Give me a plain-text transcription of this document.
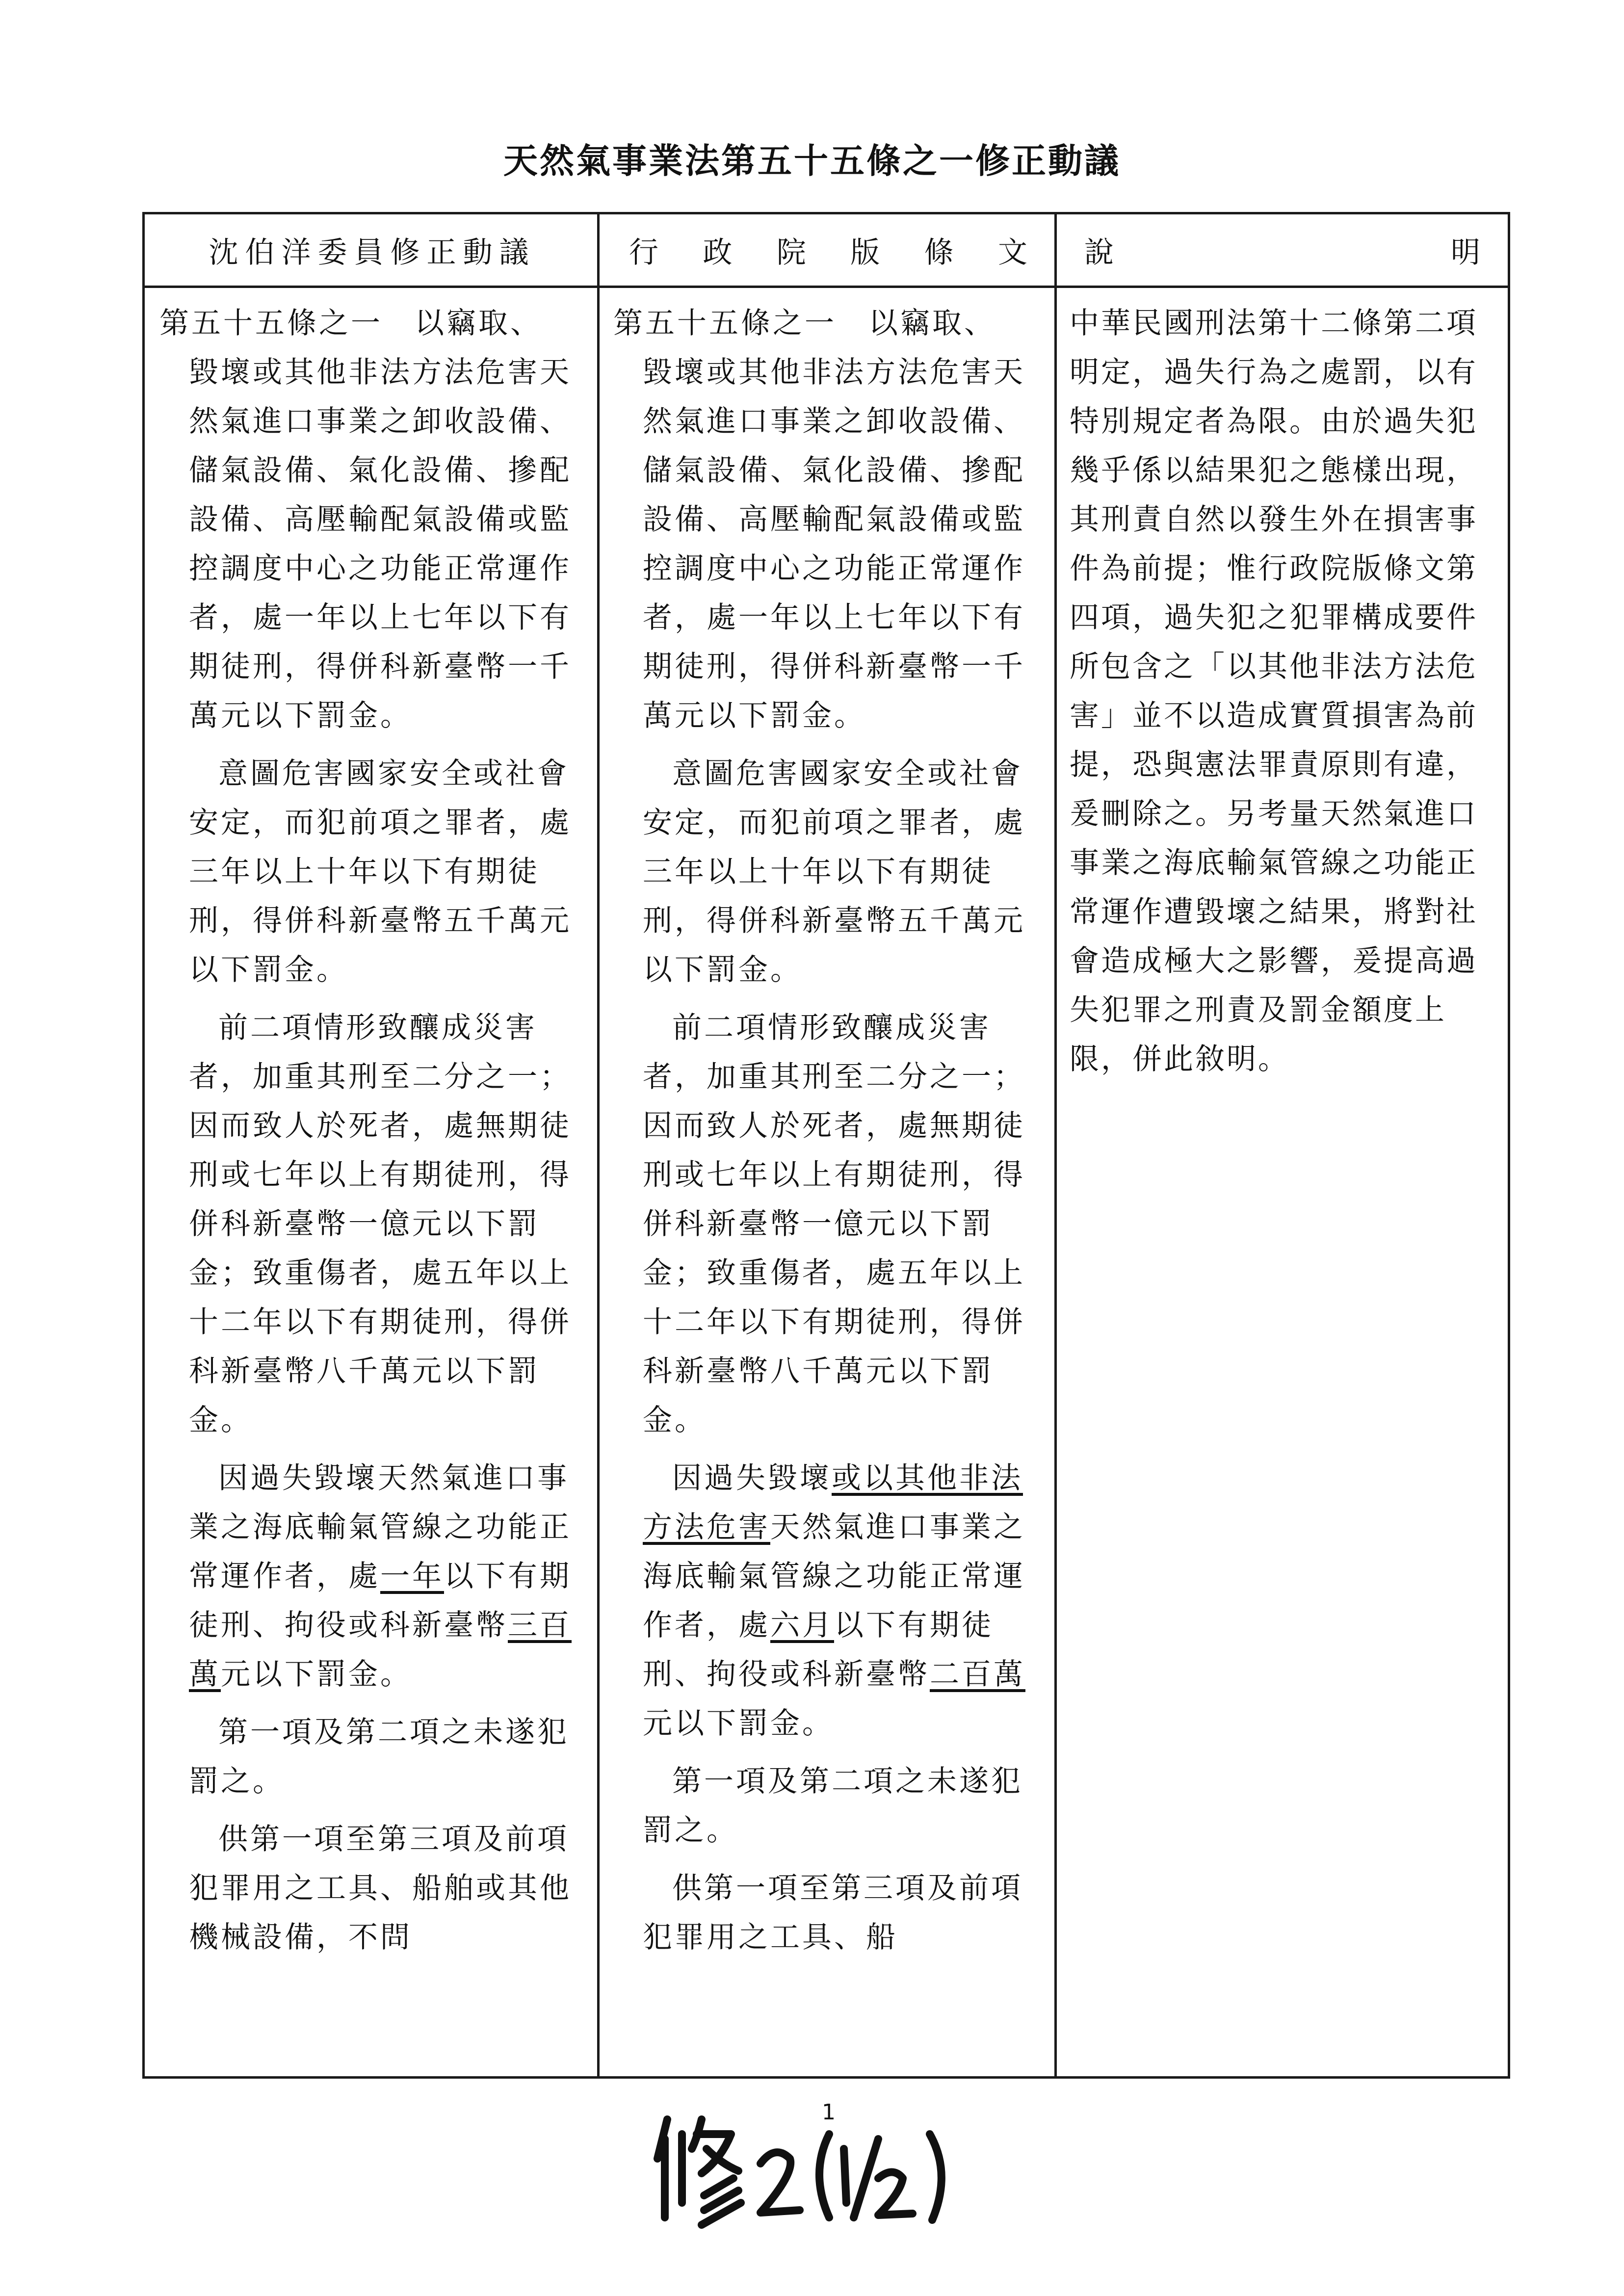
天然氣事業法第五十五條之一修正動議
沈伯洋委員修正動議	行 政 院 版 條 文 說	明
第五十五條之一　以竊取、
毀壞或其他非法方法危害天然氣進口事業之卸收設備、儲氣設備、氣化設備、摻配設備、高壓輸配氣設備或監控調度中心之功能正常運作者，處一年以上七年以下有期徒刑，得併科新臺幣一千萬元以下罰金。
意圖危害國家安全或社會安定，而犯前項之罪者，處三年以上十年以下有期徒刑，得併科新臺幣五千萬元以下罰金。
前二項情形致釀成災害者，加重其刑至二分之一；因而致人於死者，處無期徒刑或七年以上有期徒刑，得併科新臺幣一億元以下罰金；致重傷者，處五年以上十二年以下有期徒刑，得併科新臺幣八千萬元以下罰金。
因過失毀壞天然氣進口事業之海底輸氣管線之功能正常運作者，處一年以下有期徒刑、拘役或科新臺幣三百萬元以下罰金。
第一項及第二項之未遂犯罰之。
供第一項至第三項及前項犯罪用之工具、船舶或其他機械設備，不問
第五十五條之一　以竊取、
毀壞或其他非法方法危害天然氣進口事業之卸收設備、儲氣設備、氣化設備、摻配設備、高壓輸配氣設備或監控調度中心之功能正常運作者，處一年以上七年以下有期徒刑，得併科新臺幣一千萬元以下罰金。
意圖危害國家安全或社會安定，而犯前項之罪者，處三年以上十年以下有期徒刑，得併科新臺幣五千萬元以下罰金。
前二項情形致釀成災害者，加重其刑至二分之一；因而致人於死者，處無期徒刑或七年以上有期徒刑，得併科新臺幣一億元以下罰金；致重傷者，處五年以上十二年以下有期徒刑，得併科新臺幣八千萬元以下罰金。
因過失毀壞或以其他非法方法危害天然氣進口事業之海底輸氣管線之功能正常運作者，處六月以下有期徒刑、拘役或科新臺幣二百萬元以下罰金。
第一項及第二項之未遂犯罰之。
供第一項至第三項及前項犯罪用之工具、船
中華民國刑法第十二條第二項明定，過失行為之處罰，以有特別規定者為限。由於過失犯幾乎係以結果犯之態樣出現，其刑責自然以發生外在損害事件為前提；惟行政院版條文第四項，過失犯之犯罪構成要件所包含之「以其他非法方法危害」並不以造成實質損害為前提，恐與憲法罪責原則有違，爰刪除之。另考量天然氣進口事業之海底輸氣管線之功能正常運作遭毀壞之結果，將對社會造成極大之影響，爰提高過失犯罪之刑責及罰金額度上限，併此敘明。
1
